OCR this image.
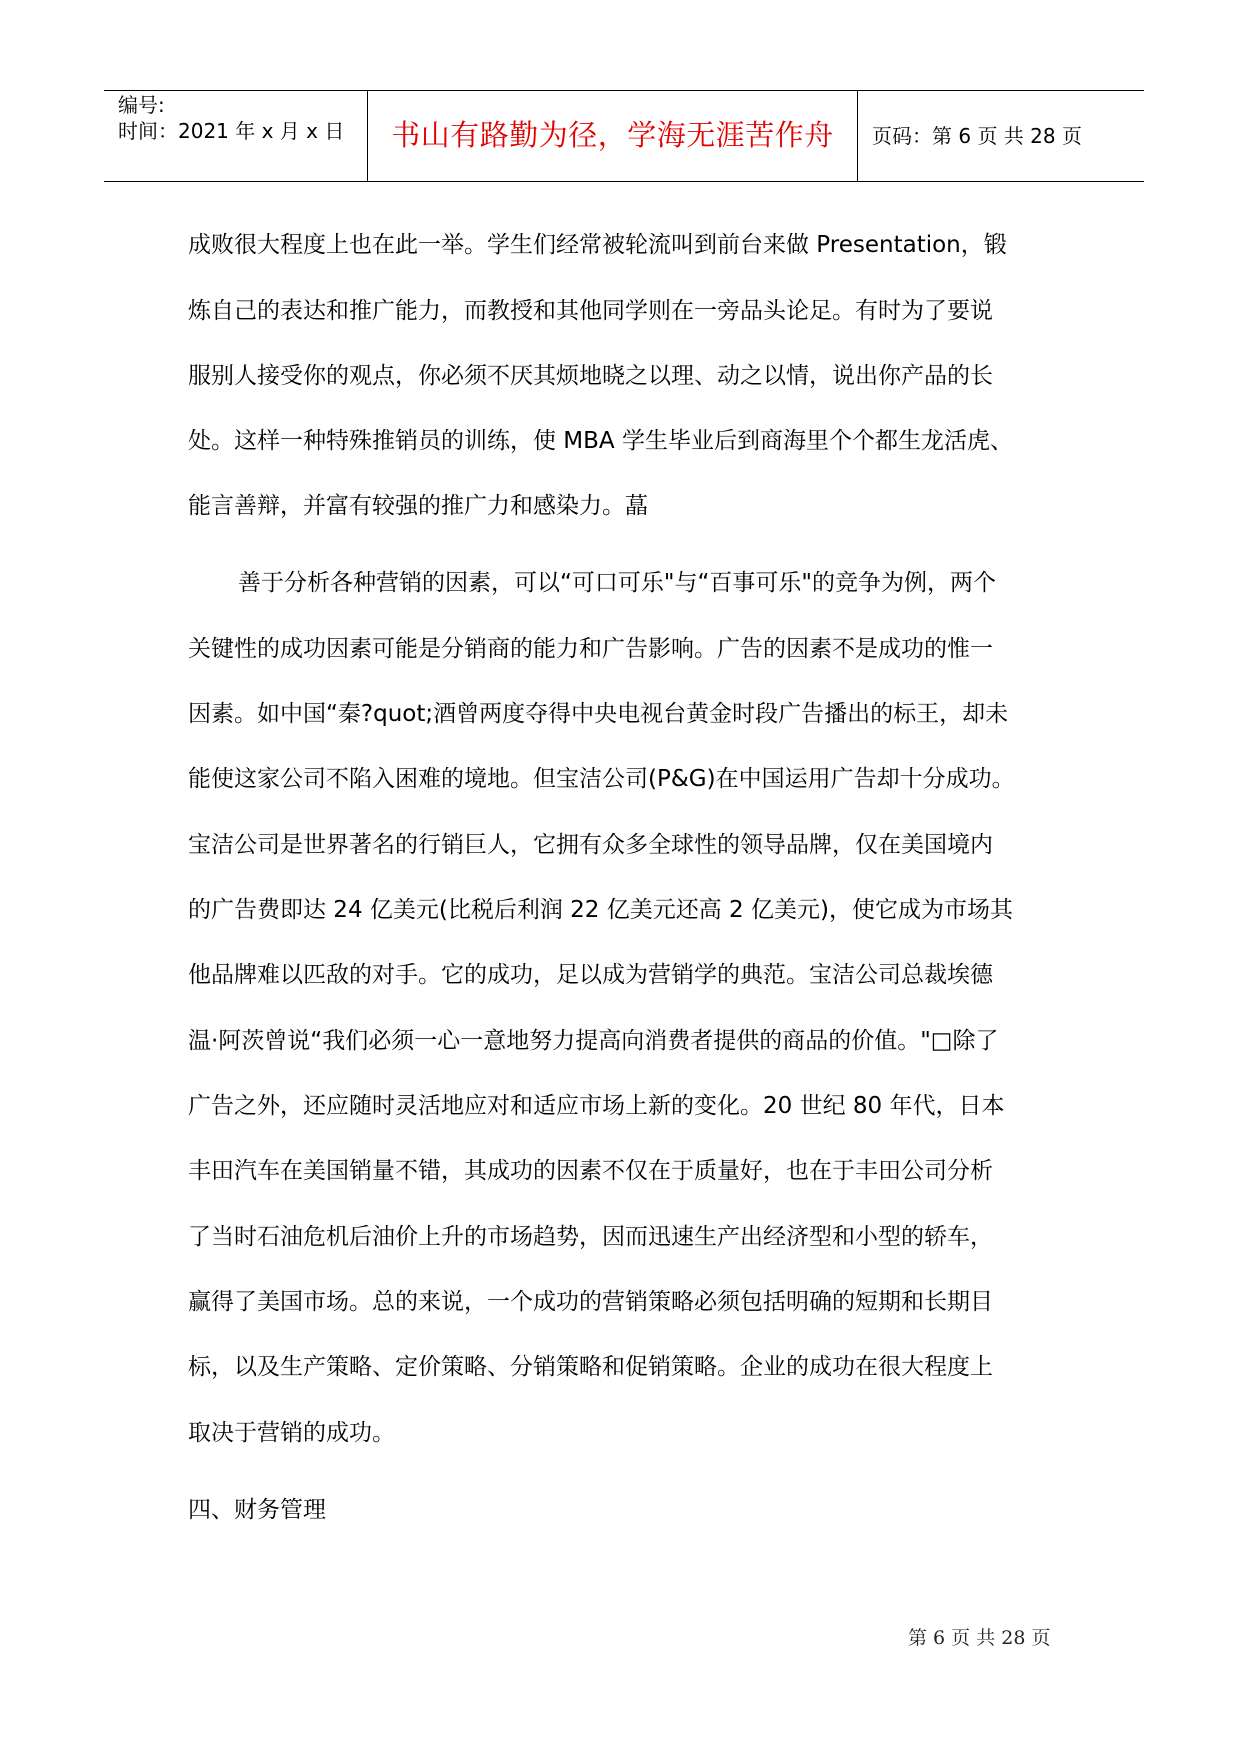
编号:
时间：2021 年 x 月 x 日	书山有路勤为径，学海无涯苦作舟	页码：第 6 页 共 28 页
成败很大程度上也在此一举。学生们经常被轮流叫到前台来做 Presentation，锻
炼自己的表达和推广能力，而教授和其他同学则在一旁品头论足。有时为了要说
服别人接受你的观点，你必须不厌其烦地晓之以理、动之以情，说出你产品的长
处。这样一种特殊推销员的训练，使 MBA 学生毕业后到商海里个个都生龙活虎、
能言善辩，并富有较强的推广力和感染力。蕌
善于分析各种营销的因素，可以“可口可乐"与“百事可乐"的竞争为例，两个
关键性的成功因素可能是分销商的能力和广告影响。广告的因素不是成功的惟一
因素。如中国“秦?quot;酒曾两度夺得中央电视台黄金时段广告播出的标王，却未
能使这家公司不陷入困难的境地。但宝洁公司(P&G)在中国运用广告却十分成功。
宝洁公司是世界著名的行销巨人，它拥有众多全球性的领导品牌，仅在美国境内
的广告费即达 24 亿美元(比税后利润 22 亿美元还高 2 亿美元)，使它成为市场其
他品牌难以匹敌的对手。它的成功，足以成为营销学的典范。宝洁公司总裁埃德
温·阿茨曾说“我们必须一心一意地努力提高向消费者提供的商品的价值。"□除了
广告之外，还应随时灵活地应对和适应市场上新的变化。20 世纪 80 年代，日本
丰田汽车在美国销量不错，其成功的因素不仅在于质量好，也在于丰田公司分析
了当时石油危机后油价上升的市场趋势，因而迅速生产出经济型和小型的轿车，
赢得了美国市场。总的来说，一个成功的营销策略必须包括明确的短期和长期目
标，以及生产策略、定价策略、分销策略和促销策略。企业的成功在很大程度上
取决于营销的成功。
四、财务管理
第 6 页 共 28 页
